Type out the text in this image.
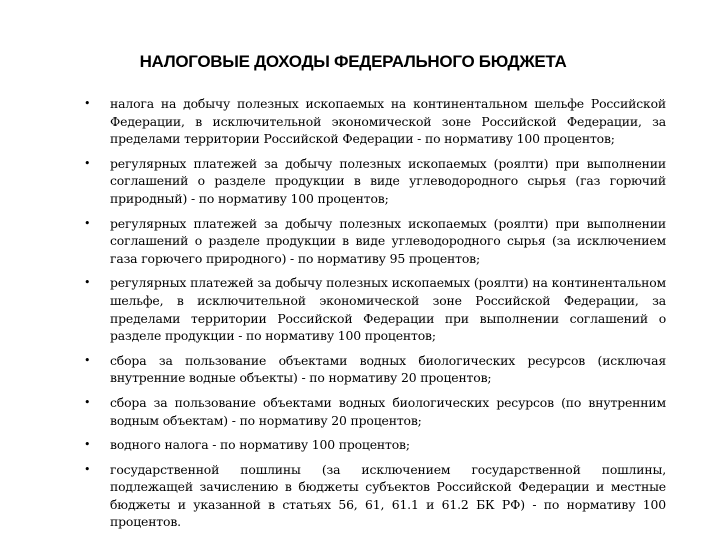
НАЛОГОВЫЕ ДОХОДЫ ФЕДЕРАЛЬНОГО БЮДЖЕТА
• налога на добычу полезных ископаемых на континентальном шельфе Российской Федерации, в исключительной экономической зоне Российской Федерации, за пределами территории Российской Федерации - по нормативу 100 процентов;
• регулярных платежей за добычу полезных ископаемых (роялти) при выполнении соглашений о разделе продукции в виде углеводородного сырья (газ горючий природный) - по нормативу 100 процентов;
• регулярных платежей за добычу полезных ископаемых (роялти) при выполнении соглашений о разделе продукции в виде углеводородного сырья (за исключением газа горючего природного) - по нормативу 95 процентов;
• регулярных платежей за добычу полезных ископаемых (роялти) на континентальном шельфе, в исключительной экономической зоне Российской Федерации, за пределами территории Российской Федерации при выполнении соглашений о разделе продукции - по нормативу 100 процентов;
• сбора за пользование объектами водных биологических ресурсов (исключая внутренние водные объекты) - по нормативу 20 процентов;
• сбора за пользование объектами водных биологических ресурсов (по внутренним водным объектам) - по нормативу 20 процентов;
• водного налога - по нормативу 100 процентов;
• государственной пошлины (за исключением государственной пошлины, подлежащей зачислению в бюджеты субъектов Российской Федерации и местные бюджеты и указанной в статьях 56, 61, 61.1 и 61.2 БК РФ) - по нормативу 100 процентов.
